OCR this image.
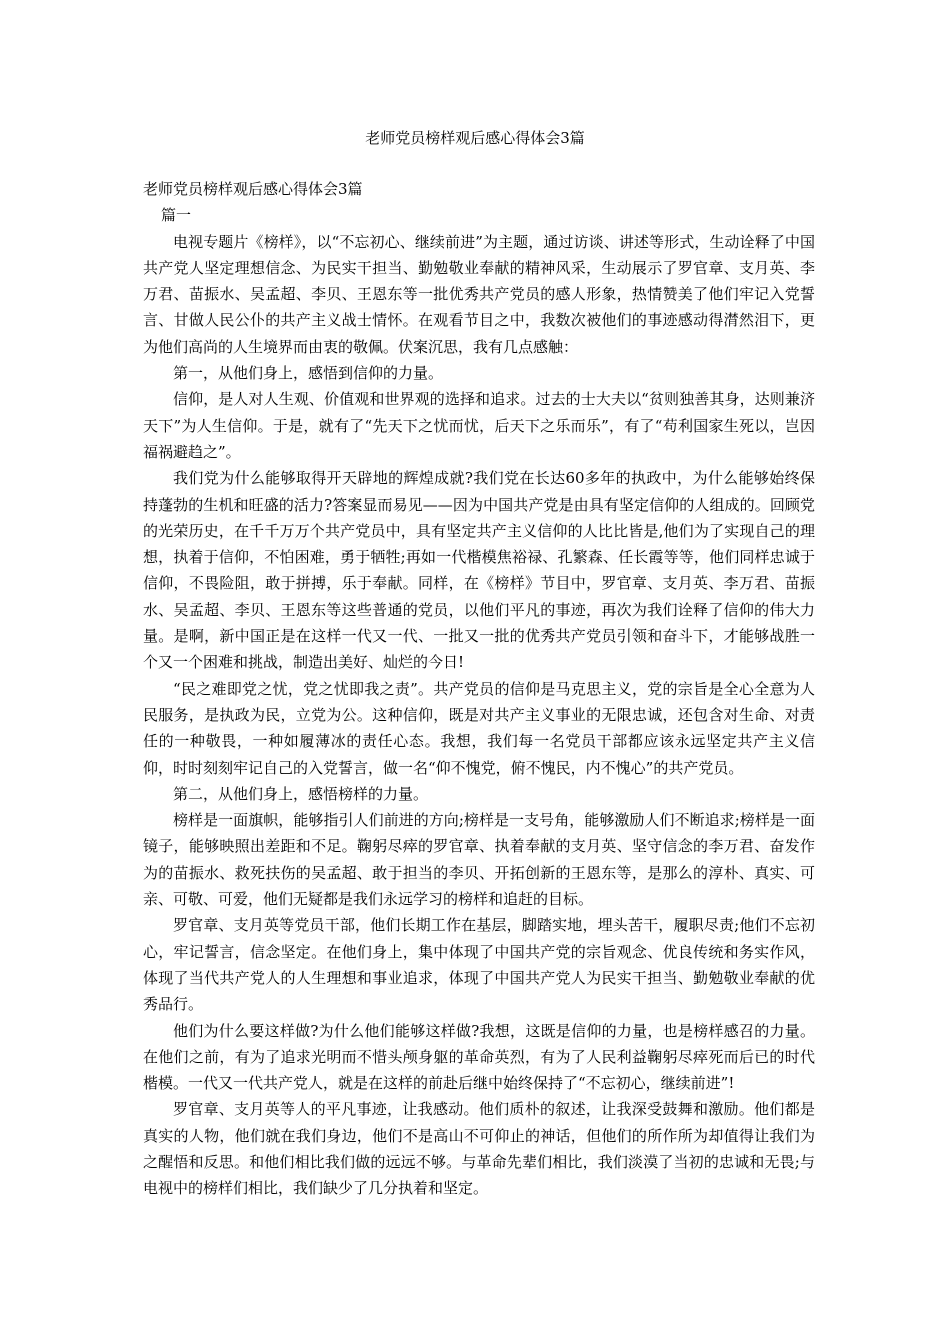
老师党员榜样观后感心得体会3篇

老师党员榜样观后感心得体会3篇

篇一

电视专题片《榜样》，以“不忘初心、继续前进”为主题，通过访谈、讲述等形式，生动诠释了中国共产党人坚定理想信念、为民实干担当、勤勉敬业奉献的精神风采，生动展示了罗官章、支月英、李万君、苗振水、吴孟超、李贝、王恩东等一批优秀共产党员的感人形象，热情赞美了他们牢记入党誓言、甘做人民公仆的共产主义战士情怀。在观看节目之中，我数次被他们的事迹感动得潸然泪下，更为他们高尚的人生境界而由衷的敬佩。伏案沉思，我有几点感触：

第一，从他们身上，感悟到信仰的力量。

信仰，是人对人生观、价值观和世界观的选择和追求。过去的士大夫以“贫则独善其身，达则兼济天下”为人生信仰。于是，就有了“先天下之忧而忧，后天下之乐而乐”，有了“苟利国家生死以，岂因福祸避趋之”。

我们党为什么能够取得开天辟地的辉煌成就?我们党在长达60多年的执政中，为什么能够始终保持蓬勃的生机和旺盛的活力?答案显而易见——因为中国共产党是由具有坚定信仰的人组成的。回顾党的光荣历史，在千千万万个共产党员中，具有坚定共产主义信仰的人比比皆是,他们为了实现自己的理想，执着于信仰，不怕困难，勇于牺牲;再如一代楷模焦裕禄、孔繁森、任长霞等等，他们同样忠诚于信仰，不畏险阻，敢于拼搏，乐于奉献。同样，在《榜样》节目中，罗官章、支月英、李万君、苗振水、吴孟超、李贝、王恩东等这些普通的党员，以他们平凡的事迹，再次为我们诠释了信仰的伟大力量。是啊，新中国正是在这样一代又一代、一批又一批的优秀共产党员引领和奋斗下，才能够战胜一个又一个困难和挑战，制造出美好、灿烂的今日!

“民之难即党之忧，党之忧即我之责”。共产党员的信仰是马克思主义，党的宗旨是全心全意为人民服务，是执政为民，立党为公。这种信仰，既是对共产主义事业的无限忠诚，还包含对生命、对责任的一种敬畏，一种如履薄冰的责任心态。我想，我们每一名党员干部都应该永远坚定共产主义信仰，时时刻刻牢记自己的入党誓言，做一名“仰不愧党，俯不愧民，内不愧心”的共产党员。

第二，从他们身上，感悟榜样的力量。

榜样是一面旗帜，能够指引人们前进的方向;榜样是一支号角，能够激励人们不断追求;榜样是一面镜子，能够映照出差距和不足。鞠躬尽瘁的罗官章、执着奉献的支月英、坚守信念的李万君、奋发作为的苗振水、救死扶伤的吴孟超、敢于担当的李贝、开拓创新的王恩东等，是那么的淳朴、真实、可亲、可敬、可爱，他们无疑都是我们永远学习的榜样和追赶的目标。

罗官章、支月英等党员干部，他们长期工作在基层，脚踏实地，埋头苦干，履职尽责;他们不忘初心，牢记誓言，信念坚定。在他们身上，集中体现了中国共产党的宗旨观念、优良传统和务实作风，体现了当代共产党人的人生理想和事业追求，体现了中国共产党人为民实干担当、勤勉敬业奉献的优秀品行。

他们为什么要这样做?为什么他们能够这样做?我想，这既是信仰的力量，也是榜样感召的力量。在他们之前，有为了追求光明而不惜头颅身躯的革命英烈，有为了人民利益鞠躬尽瘁死而后已的时代楷模。一代又一代共产党人，就是在这样的前赴后继中始终保持了“不忘初心，继续前进”!

罗官章、支月英等人的平凡事迹，让我感动。他们质朴的叙述，让我深受鼓舞和激励。他们都是真实的人物，他们就在我们身边，他们不是高山不可仰止的神话，但他们的所作所为却值得让我们为之醒悟和反思。和他们相比我们做的远远不够。与革命先辈们相比，我们淡漠了当初的忠诚和无畏;与电视中的榜样们相比，我们缺少了几分执着和坚定。
